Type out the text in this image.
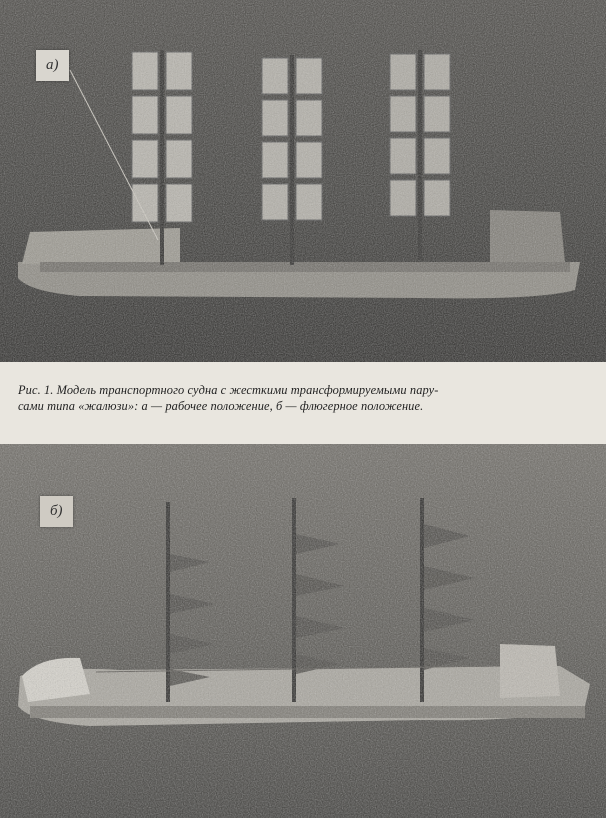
а)
Рис. 1. Модель транспортного судна с жесткими трансформируемыми пару-
сами типа «жалюзи»: а — рабочее положение, б — флюгерное положение.
б)
